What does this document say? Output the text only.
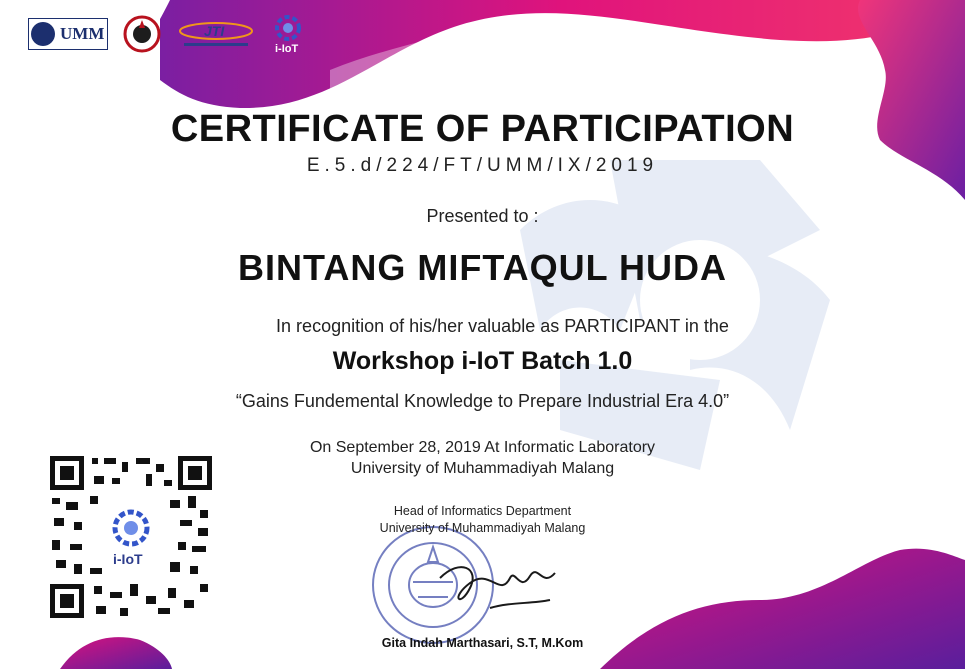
UMM	JTI
i-IoT
CERTIFICATE OF PARTICIPATION
E.5.d/224/FT/UMM/IX/2019
Presented to :
BINTANG MIFTAQUL HUDA
In recognition of his/her valuable as PARTICIPANT in the
Workshop i-IoT Batch 1.0
“Gains Fundemental Knowledge to Prepare Industrial Era 4.0”
On September 28, 2019 At Informatic Laboratory
University of Muhammadiyah Malang
i-IoT
Head of Informatics Department
University of Muhammadiyah Malang
Gita Indah Marthasari, S.T, M.Kom
